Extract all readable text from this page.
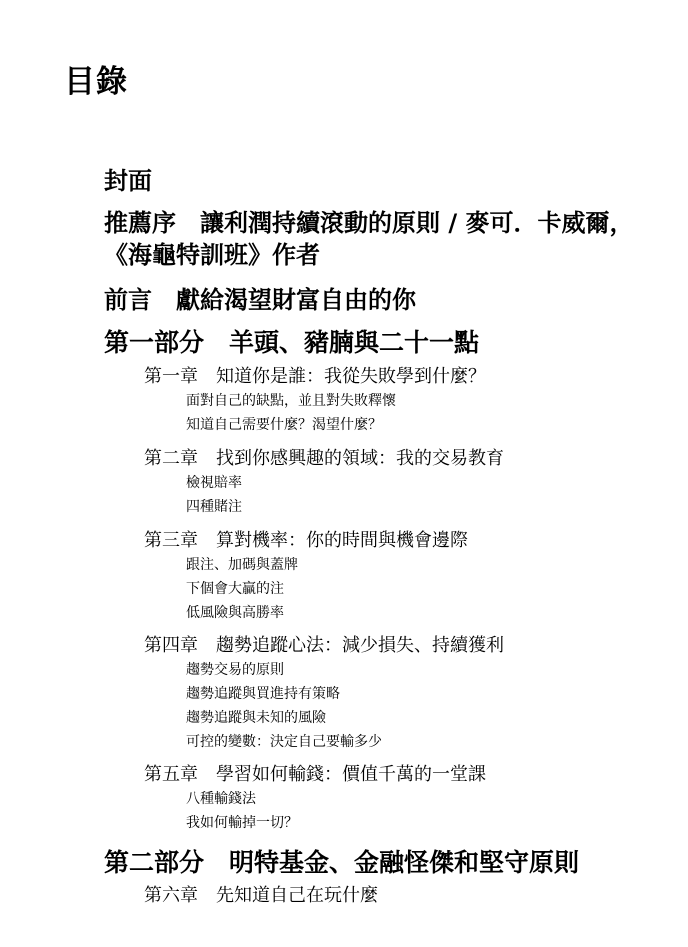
目錄
封面
推薦序 讓利潤持續滾動的原則 / 麥可．卡威爾，
《海龜特訓班》作者
前言 獻給渴望財富自由的你
第一部分 羊頭、豬腩與二十一點
第一章 知道你是誰：我從失敗學到什麼？
面對自己的缺點，並且對失敗釋懷
知道自己需要什麼？渴望什麼？
第二章 找到你感興趣的領域：我的交易教育
檢視賠率
四種賭注
第三章 算對機率：你的時間與機會邊際
跟注、加碼與蓋牌
下個會大贏的注
低風險與高勝率
第四章 趨勢追蹤心法：減少損失、持續獲利
趨勢交易的原則
趨勢追蹤與買進持有策略
趨勢追蹤與未知的風險
可控的變數：決定自己要輸多少
第五章 學習如何輸錢：價值千萬的一堂課
八種輸錢法
我如何輸掉一切？
第二部分 明特基金、金融怪傑和堅守原則
第六章 先知道自己在玩什麼
